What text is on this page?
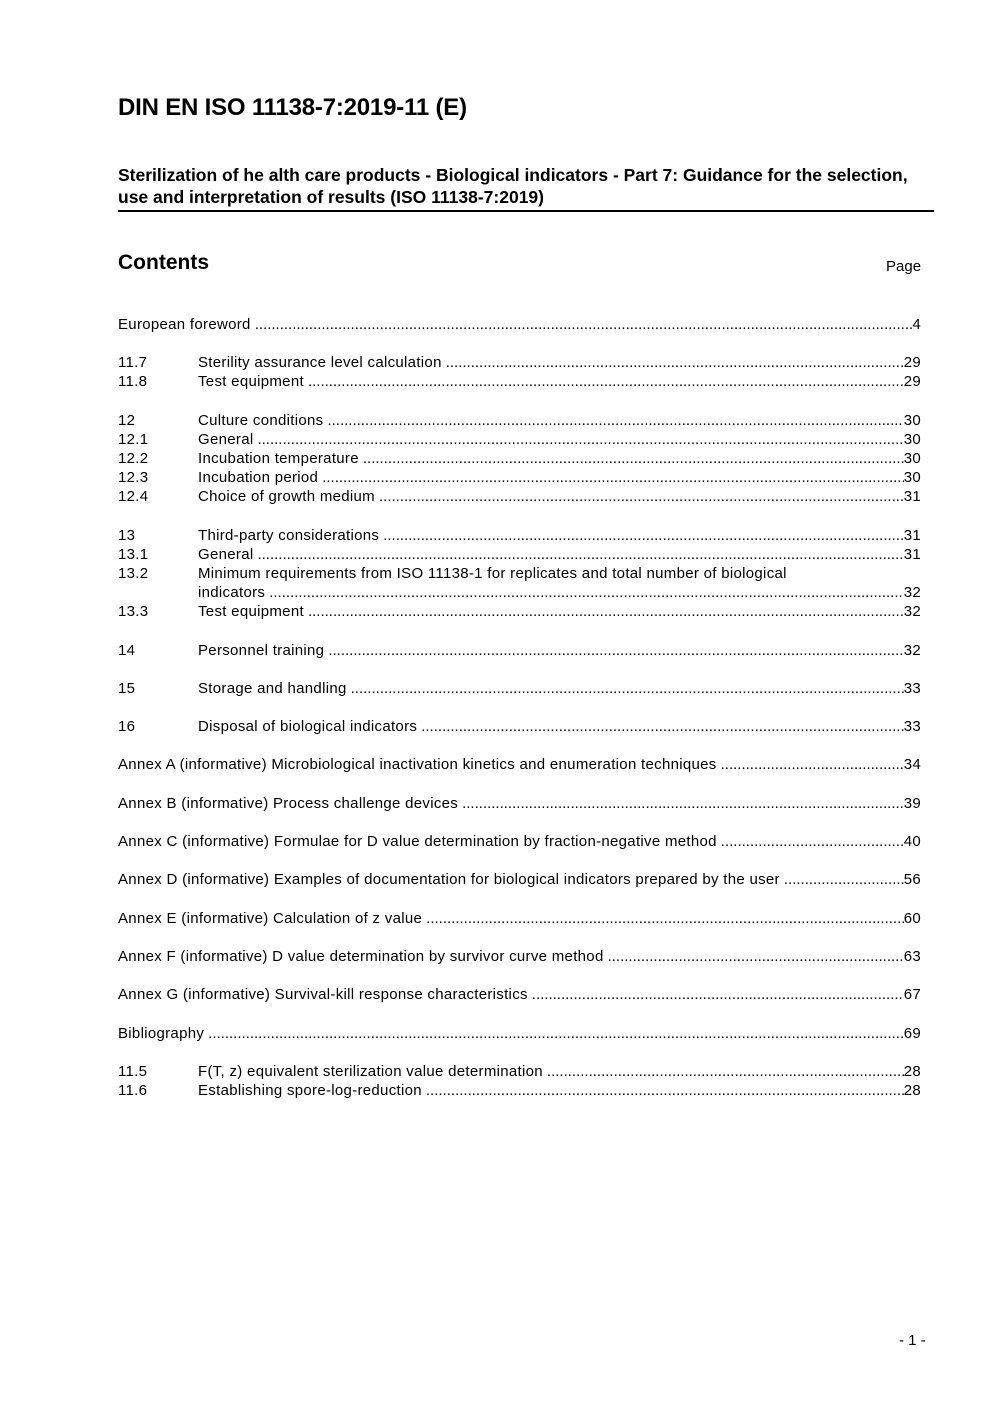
DIN EN ISO 11138-7:2019-11 (E)

Sterilization of he alth care products - Biological indicators - Part 7: Guidance for the selection, use and interpretation of results (ISO 11138-7:2019)

Contents	Page
European foreword .....	4
11.7	Sterility assurance level calculation .....	29
11.8	Test equipment .....	29
12	Culture conditions .....	30
12.1	General .....	30
12.2	Incubation temperature .....	30
12.3	Incubation period .....	30
12.4	Choice of growth medium .....	31
13	Third-party considerations .....	31
13.1	General .....	31
13.2	Minimum requirements from ISO 11138-1 for replicates and total number of biological
indicators .....	32
13.3	Test equipment .....	32
14	Personnel training .....	32
15	Storage and handling .....	33
16	Disposal of biological indicators .....	33
Annex A (informative) Microbiological inactivation kinetics and enumeration techniques .....	34
Annex B (informative) Process challenge devices .....	39
Annex C (informative) Formulae for D value determination by fraction-negative method .....	40
Annex D (informative) Examples of documentation for biological indicators prepared by the user .....	56
Annex E (informative) Calculation of z value .....	60
Annex F (informative) D value determination by survivor curve method .....	63
Annex G (informative) Survival-kill response characteristics .....	67
Bibliography .....	69
11.5	F(T, z) equivalent sterilization value determination .....	28
11.6	Establishing spore-log-reduction .....	28
- 1 -
